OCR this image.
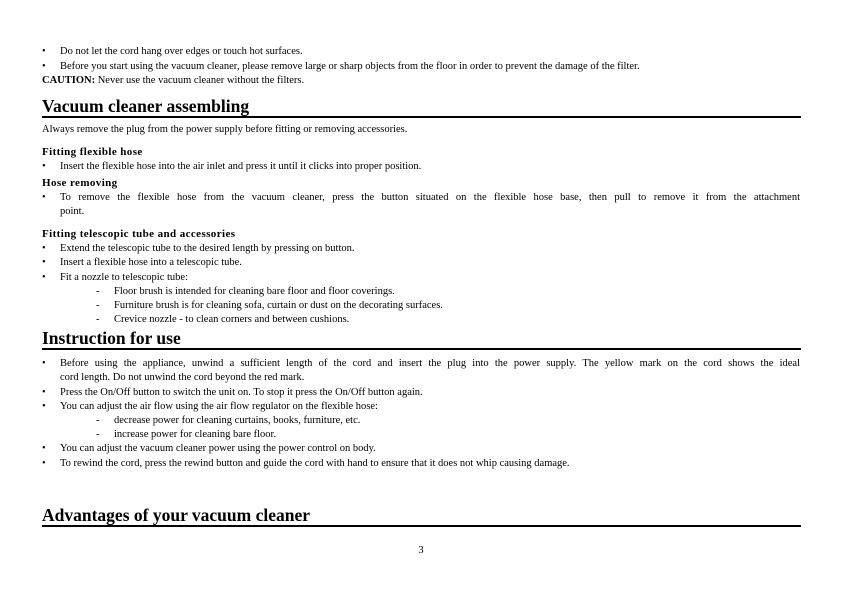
•	Do not let the cord hang over edges or touch hot surfaces.
•	Before you start using the vacuum cleaner, please remove large or sharp objects from the floor in order to prevent the damage of the filter.
CAUTION: Never use the vacuum cleaner without the filters.
Vacuum cleaner assembling
Always remove the plug from the power supply before fitting or removing accessories.
Fitting flexible hose
•	Insert the flexible hose into the air inlet and press it until it clicks into proper position.
Hose removing
•	To remove the flexible hose from the vacuum cleaner, press the button situated on the flexible hose base, then pull to remove it from the attachment
point.
Fitting telescopic tube and accessories
•	Extend the telescopic tube to the desired length by pressing on button.
•	Insert a flexible hose into a telescopic tube.
•	Fit a nozzle to telescopic tube:
- Floor brush is intended for cleaning bare floor and floor coverings.
- Furniture brush is for cleaning sofa, curtain or dust on the decorating surfaces.
- Crevice nozzle - to clean corners and between cushions.
Instruction for use
•	Before using the appliance, unwind a sufficient length of the cord and insert the plug into the power supply. The yellow mark on the cord shows the ideal
cord length. Do not unwind the cord beyond the red mark.
•	Press the On/Off button to switch the unit on. To stop it press the On/Off button again.
•	You can adjust the air flow using the air flow regulator on the flexible hose:
- decrease power for cleaning curtains, books, furniture, etc.
- increase power for cleaning bare floor.
•	You can adjust the vacuum cleaner power using the power control on body.
•	To rewind the cord, press the rewind button and guide the cord with hand to ensure that it does not whip causing damage.
Advantages of your vacuum cleaner
3
